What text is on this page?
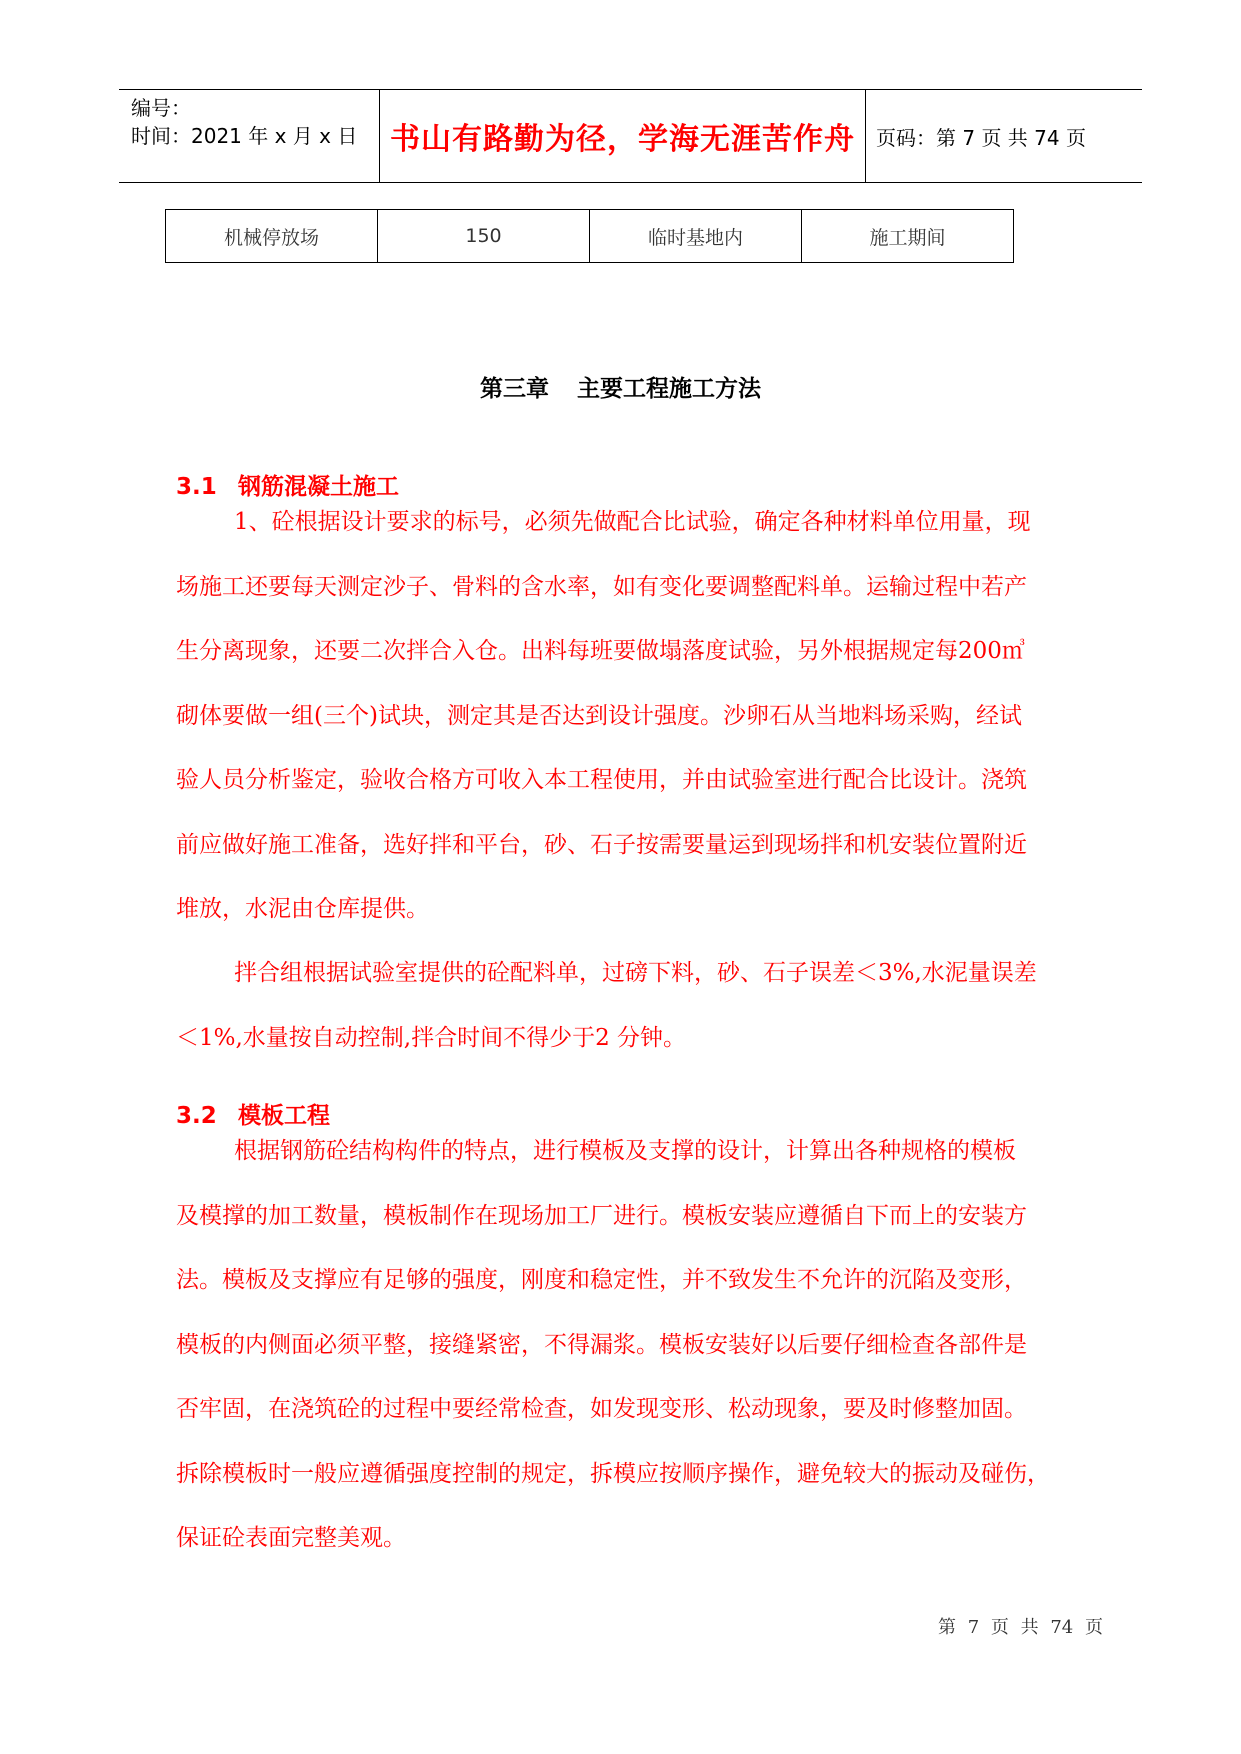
编号：
时间：2021 年 x 月 x 日	书山有路勤为径，学海无涯苦作舟 页码：第 7 页 共 74 页
机械停放场	150	临时基地内	施工期间
第三章 主要工程施工方法
3.1 钢筋混凝土施工
1、砼根据设计要求的标号，必须先做配合比试验，确定各种材料单位用量，现
场施工还要每天测定沙子、骨料的含水率，如有变化要调整配料单。运输过程中若产
生分离现象，还要二次拌合入仓。出料每班要做塌落度试验，另外根据规定每200㎥
砌体要做一组(三个)试块，测定其是否达到设计强度。沙卵石从当地料场采购，经试
验人员分析鉴定，验收合格方可收入本工程使用，并由试验室进行配合比设计。浇筑
前应做好施工准备，选好拌和平台，砂、石子按需要量运到现场拌和机安装位置附近
堆放，水泥由仓库提供。
拌合组根据试验室提供的砼配料单，过磅下料，砂、石子误差＜3%,水泥量误差
＜1%,水量按自动控制,拌合时间不得少于2 分钟。
3.2 模板工程
根据钢筋砼结构构件的特点，进行模板及支撑的设计，计算出各种规格的模板
及模撑的加工数量，模板制作在现场加工厂进行。模板安装应遵循自下而上的安装方
法。模板及支撑应有足够的强度，刚度和稳定性，并不致发生不允许的沉陷及变形，
模板的内侧面必须平整，接缝紧密，不得漏浆。模板安装好以后要仔细检查各部件是
否牢固，在浇筑砼的过程中要经常检查，如发现变形、松动现象，要及时修整加固。
拆除模板时一般应遵循强度控制的规定，拆模应按顺序操作，避免较大的振动及碰伤，
保证砼表面完整美观。
第 7 页 共 74 页
